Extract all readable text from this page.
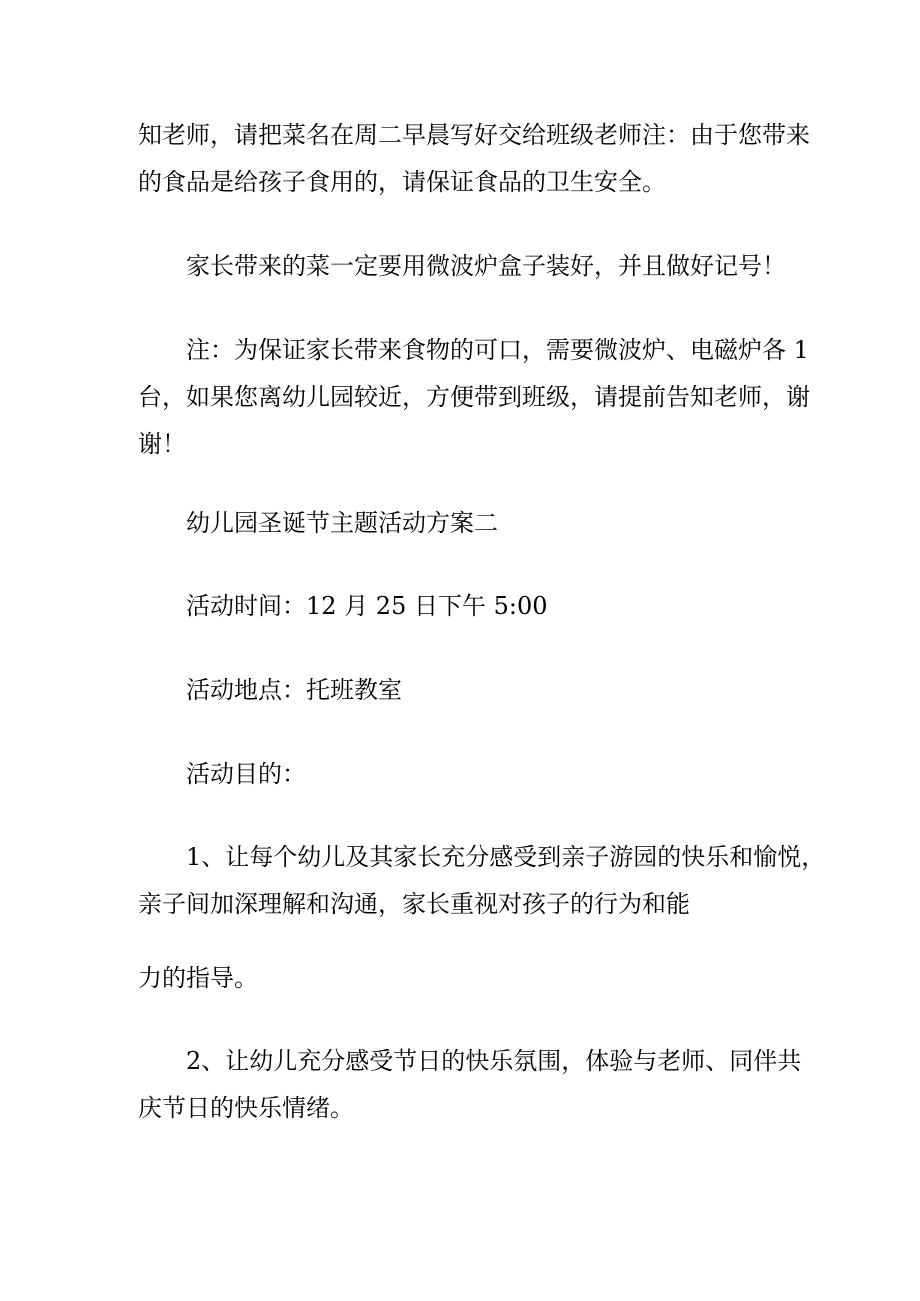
知老师，请把菜名在周二早晨写好交给班级老师注：由于您带来
的食品是给孩子食用的，请保证食品的卫生安全。

家长带来的菜一定要用微波炉盒子装好，并且做好记号！

注：为保证家长带来食物的可口，需要微波炉、电磁炉各 1
台，如果您离幼儿园较近，方便带到班级，请提前告知老师，谢
谢！

幼儿园圣诞节主题活动方案二

活动时间：12 月 25 日下午 5:00

活动地点：托班教室

活动目的：

1、让每个幼儿及其家长充分感受到亲子游园的快乐和愉悦，
亲子间加深理解和沟通，家长重视对孩子的行为和能

力的指导。

2、让幼儿充分感受节日的快乐氛围，体验与老师、同伴共
庆节日的快乐情绪。
